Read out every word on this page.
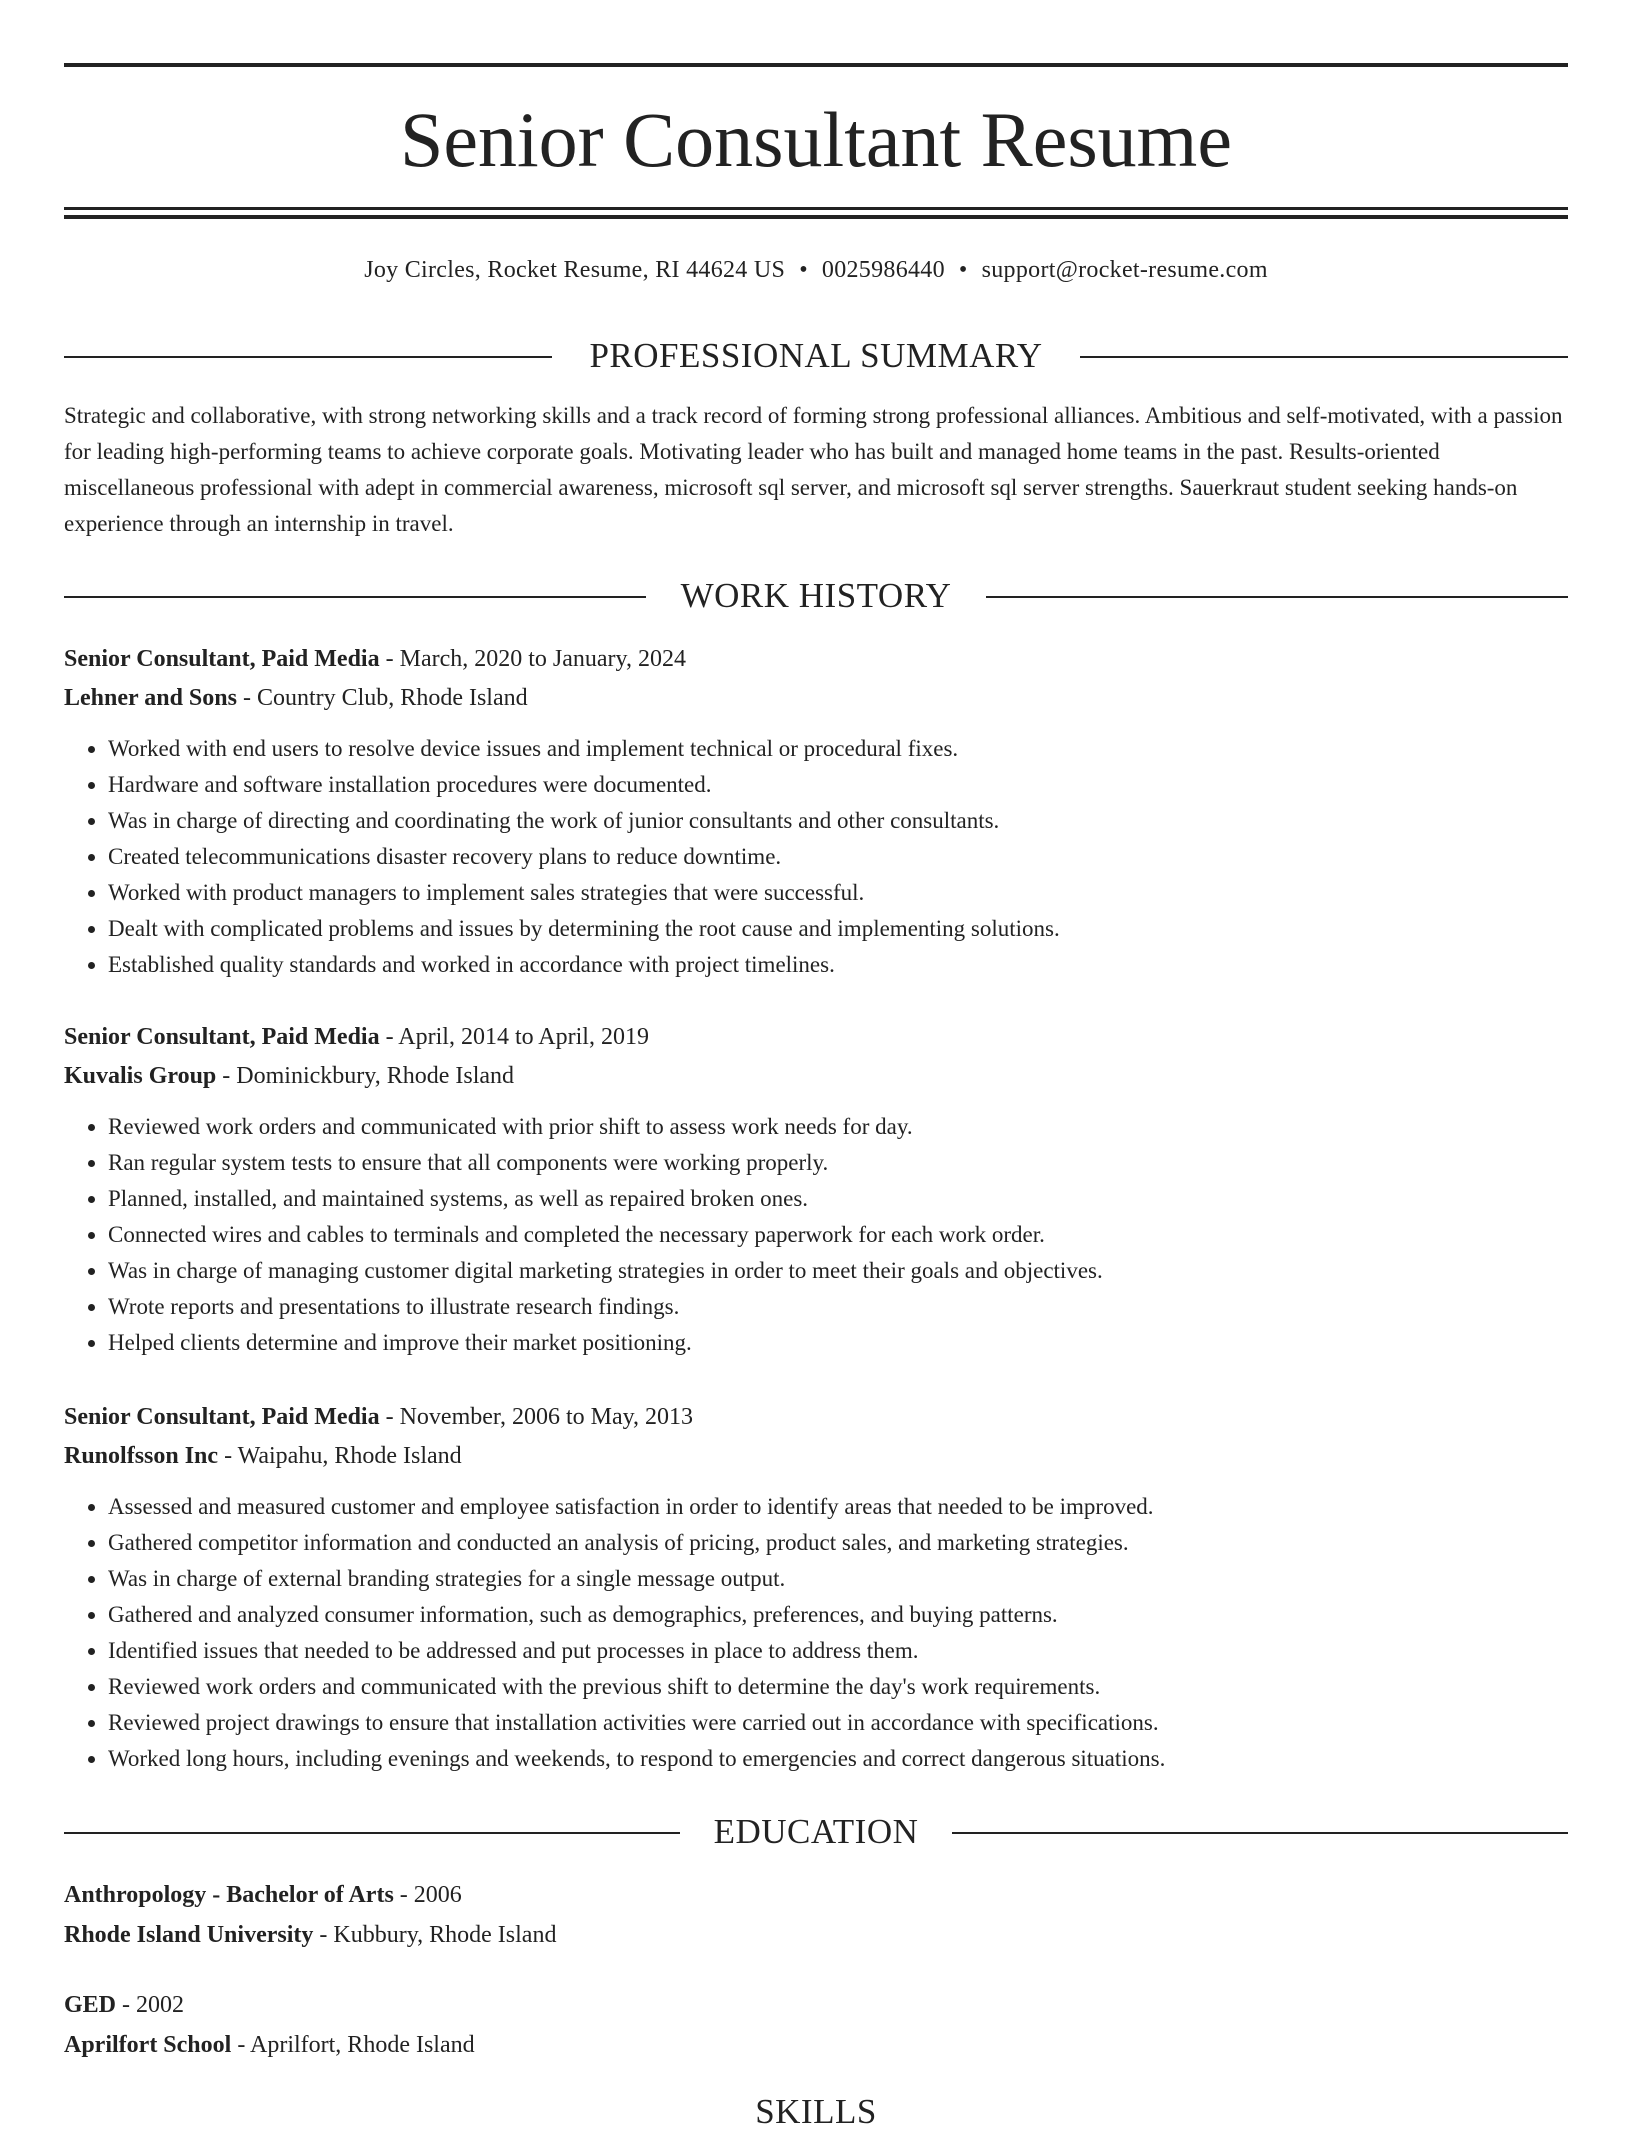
Senior Consultant Resume
Joy Circles, Rocket Resume, RI 44624 US • 0025986440 • support@rocket-resume.com
PROFESSIONAL SUMMARY

Strategic and collaborative, with strong networking skills and a track record of forming strong professional alliances. Ambitious and self-motivated, with a passion for leading high-performing teams to achieve corporate goals. Motivating leader who has built and managed home teams in the past. Results-oriented miscellaneous professional with adept in commercial awareness, microsoft sql server, and microsoft sql server strengths. Sauerkraut student seeking hands-on experience through an internship in travel.

WORK HISTORY
Senior Consultant, Paid Media - March, 2020 to January, 2024
Lehner and Sons - Country Club, Rhode Island
• Worked with end users to resolve device issues and implement technical or procedural fixes.
• Hardware and software installation procedures were documented.
• Was in charge of directing and coordinating the work of junior consultants and other consultants.
• Created telecommunications disaster recovery plans to reduce downtime.
• Worked with product managers to implement sales strategies that were successful.
• Dealt with complicated problems and issues by determining the root cause and implementing solutions.
• Established quality standards and worked in accordance with project timelines.
Senior Consultant, Paid Media - April, 2014 to April, 2019
Kuvalis Group - Dominickbury, Rhode Island
• Reviewed work orders and communicated with prior shift to assess work needs for day.
• Ran regular system tests to ensure that all components were working properly.
• Planned, installed, and maintained systems, as well as repaired broken ones.
• Connected wires and cables to terminals and completed the necessary paperwork for each work order.
• Was in charge of managing customer digital marketing strategies in order to meet their goals and objectives.
• Wrote reports and presentations to illustrate research findings.
• Helped clients determine and improve their market positioning.
Senior Consultant, Paid Media - November, 2006 to May, 2013
Runolfsson Inc - Waipahu, Rhode Island
• Assessed and measured customer and employee satisfaction in order to identify areas that needed to be improved.
• Gathered competitor information and conducted an analysis of pricing, product sales, and marketing strategies.
• Was in charge of external branding strategies for a single message output.
• Gathered and analyzed consumer information, such as demographics, preferences, and buying patterns.
• Identified issues that needed to be addressed and put processes in place to address them.
• Reviewed work orders and communicated with the previous shift to determine the day's work requirements.
• Reviewed project drawings to ensure that installation activities were carried out in accordance with specifications.
• Worked long hours, including evenings and weekends, to respond to emergencies and correct dangerous situations.
EDUCATION
Anthropology - Bachelor of Arts - 2006
Rhode Island University - Kubbury, Rhode Island
GED - 2002
Aprilfort School - Aprilfort, Rhode Island
SKILLS
